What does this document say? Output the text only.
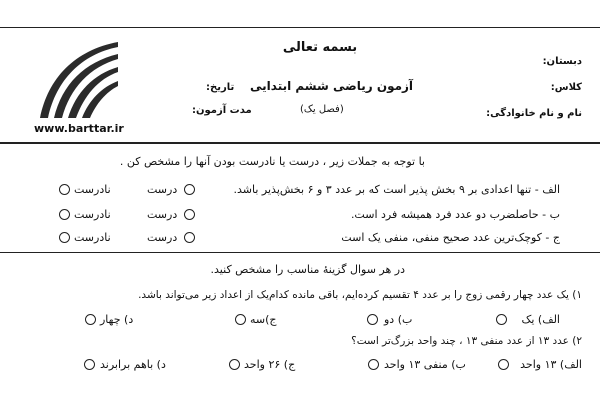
بسمه تعالی
دبستان:
کلاس:
نام و نام خانوادگی:
آزمون ریاضی ششم ابتدایی
(فصل یک)
تاریخ:
مدت آزمون:
www.barttar.ir
با توجه به جملات زیر ، درست یا نادرست بودن آنها را مشخص کن .
الف - تنها اعدادی بر ۹ بخش پذیر است که بر عدد ۳ و ۶ بخش‌پذیر باشد.
درست
نادرست
ب - حاصلضرب دو عدد فرد همیشه فرد است.
درست
نادرست
ج - کوچک‌ترین عدد صحیح منفی، منفی یک است
درست
نادرست
در هر سوال گزینهٔ مناسب را مشخص کنید.
۱) یک عدد چهار رقمی زوج را بر عدد ۴ تقسیم کرده‌ایم، باقی مانده کدام‌یک از اعداد زیر می‌تواند باشد.
الف) یک
ب) دو
ج)سه
د) چهار
۲) عدد ۱۳ از عدد منفی ۱۳ ، چند واحد بزرگ‌تر است؟
الف) ۱۳ واحد
ب) منفی ۱۳ واحد
ج) ۲۶ واحد
د) باهم برابرند
